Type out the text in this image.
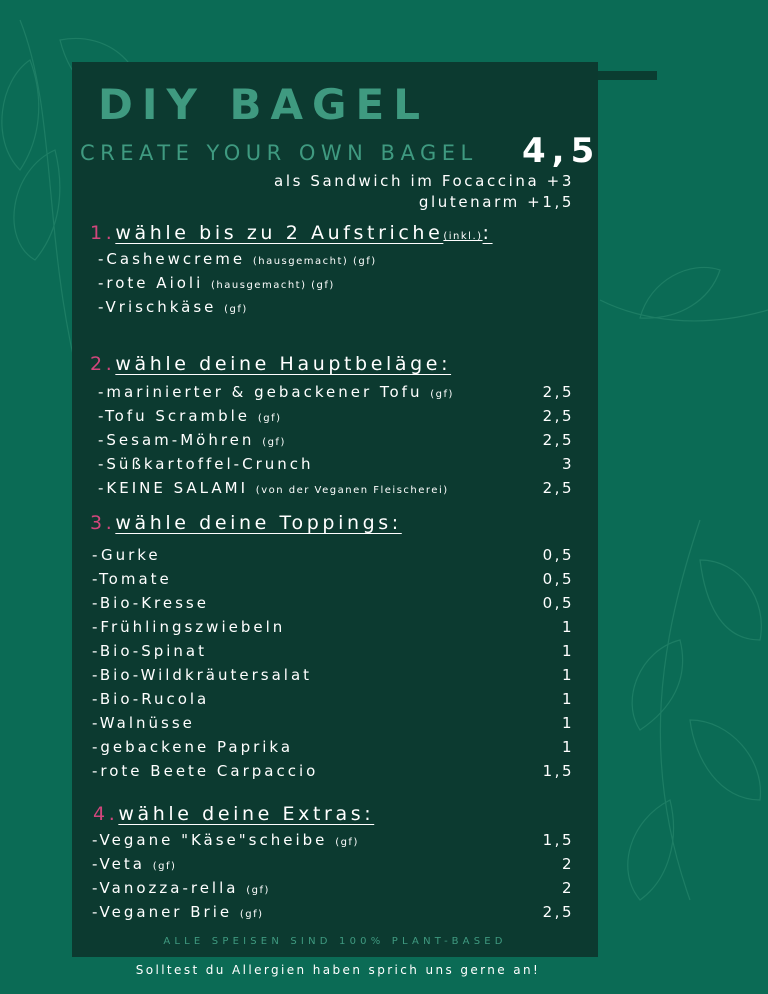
DIY BAGEL
CREATE YOUR OWN BAGEL 4,5
als Sandwich im Focaccina +3
glutenarm +1,5
1.wähle bis zu 2 Aufstriche(inkl.):
-Cashewcreme (hausgemacht) (gf)
-rote Aioli (hausgemacht) (gf)
-Vrischkäse (gf)
2.wähle deine Hauptbeläge:
-marinierter & gebackener Tofu (gf)	2,5
-Tofu Scramble (gf)	2,5
-Sesam-Möhren (gf)	2,5
-Süßkartoffel-Crunch	3
-KEINE SALAMI (von der Veganen Fleischerei)	2,5
3.wähle deine Toppings:
-Gurke	0,5
-Tomate	0,5
-Bio-Kresse	0,5
-Frühlingszwiebeln	1
-Bio-Spinat	1
-Bio-Wildkräutersalat	1
-Bio-Rucola	1
-Walnüsse	1
-gebackene Paprika	1
-rote Beete Carpaccio	1,5
4.wähle deine Extras:
-Vegane "Käse"scheibe (gf)	1,5
-Veta (gf)	2
-Vanozza-rella (gf)	2
-Veganer Brie (gf)	2,5
ALLE SPEISEN SIND 100% PLANT-BASED
Solltest du Allergien haben sprich uns gerne an!
